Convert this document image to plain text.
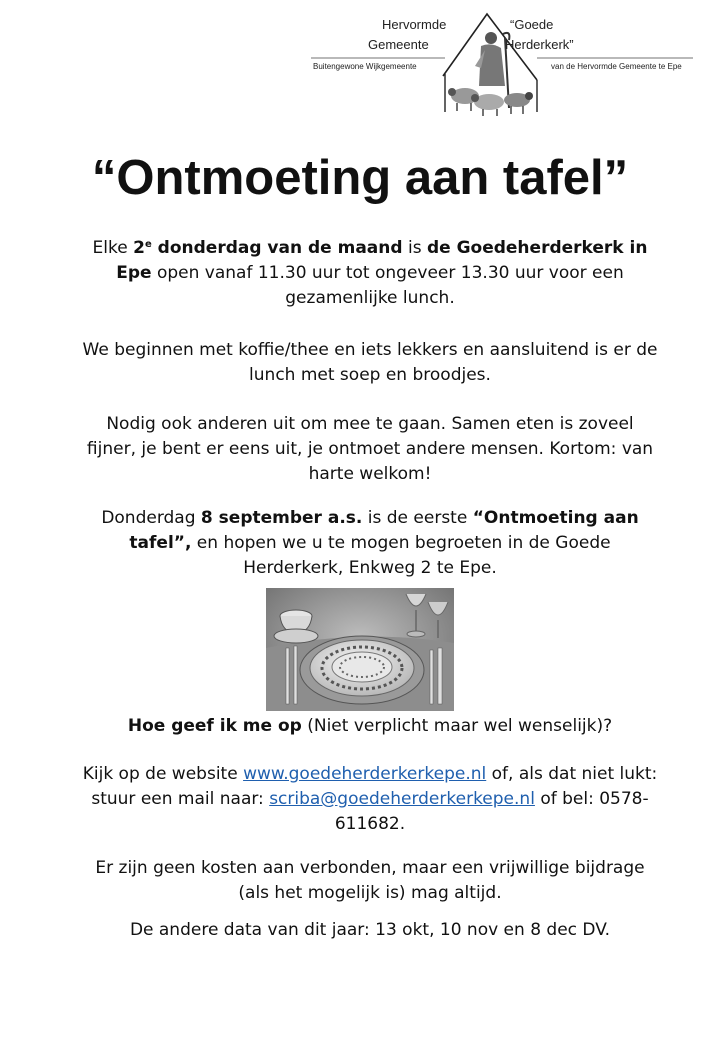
Hervormde
Gemeente
Buitengewone Wijkgemeente
“Goede
Herderkerk”
van de Hervormde Gemeente te Epe
“Ontmoeting aan tafel”

Elke 2e donderdag van de maand is de Goedeherderkerk in Epe open vanaf 11.30 uur tot ongeveer 13.30 uur voor een gezamenlijke lunch.

We beginnen met koffie/thee en iets lekkers en aansluitend is er de lunch met soep en broodjes.

Nodig ook anderen uit om mee te gaan. Samen eten is zoveel fijner, je bent er eens uit, je ontmoet andere mensen. Kortom: van harte welkom!

Donderdag 8 september a.s. is de eerste “Ontmoeting aan tafel”, en hopen we u te mogen begroeten in de Goede Herderkerk, Enkweg 2 te Epe.

Hoe geef ik me op (Niet verplicht maar wel wenselijk)?

Kijk op de website www.goedeherderkerkepe.nl of, als dat niet lukt: stuur een mail naar: scriba@goedeherderkerkepe.nl of bel: 0578-611682.

Er zijn geen kosten aan verbonden, maar een vrijwillige bijdrage (als het mogelijk is) mag altijd.

De andere data van dit jaar: 13 okt, 10 nov en 8 dec DV.
